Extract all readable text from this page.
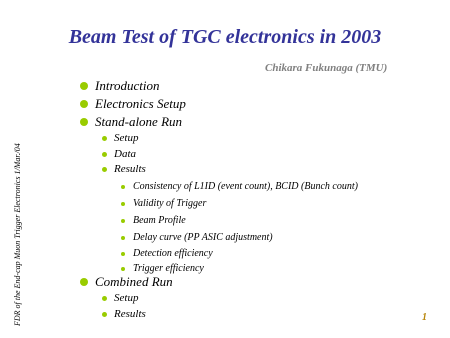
Beam Test of TGC electronics in 2003
Chikara Fukunaga (TMU)
FDR of the End-cap Muon Trigger Electronics 1/Mar./04
Introduction
Electronics Setup
Stand-alone Run
Setup
Data
Results
Consistency of L1ID (event count), BCID (Bunch count)
Validity of Trigger
Beam Profile
Delay curve (PP ASIC adjustment)
Detection efficiency
Trigger efficiency
Combined Run
Setup
Results	1
